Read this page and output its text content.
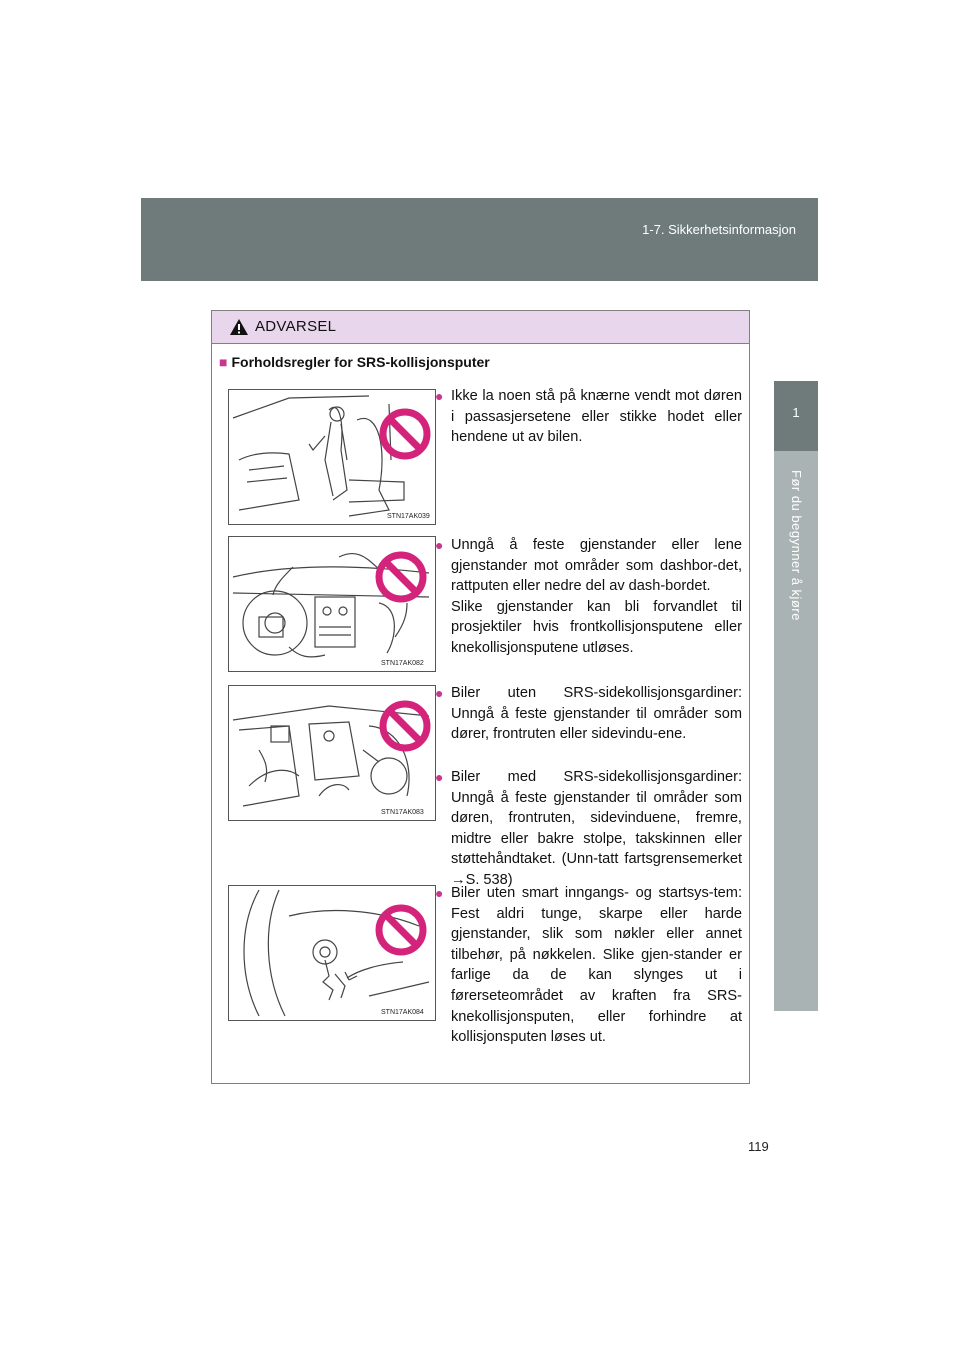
1-7. Sikkerhetsinformasjon
1
Før du begynner å kjøre
ADVARSEL
■ Forholdsregler for SRS-kollisjonsputer
STN17AK039
STN17AK082
STN17AK083
STN17AK084
● Ikke la noen stå på knærne vendt mot døren i passasjersetene eller stikke hodet eller hendene ut av bilen.
● Unngå å feste gjenstander eller lene gjenstander mot områder som dashbor-det, rattputen eller nedre del av dash-bordet.
Slike gjenstander kan bli forvandlet til prosjektiler hvis frontkollisjonsputene eller knekollisjonsputene utløses.
● Biler uten SRS-sidekollisjonsgardiner: Unngå å feste gjenstander til områder som dører, frontruten eller sidevindu-ene.
● Biler med SRS-sidekollisjonsgardiner: Unngå å feste gjenstander til områder som døren, frontruten, sidevinduene, fremre, midtre eller bakre stolpe, takskinnen eller støttehåndtaket. (Unn-tatt fartsgrensemerket →S. 538)
● Biler uten smart inngangs- og startsys-tem: Fest aldri tunge, skarpe eller harde gjenstander, slik som nøkler eller annet tilbehør, på nøkkelen. Slike gjen-stander er farlige da de kan slynges ut i førerseteområdet av kraften fra SRS-knekollisjonsputen, eller forhindre at kollisjonsputen løses ut.
119
